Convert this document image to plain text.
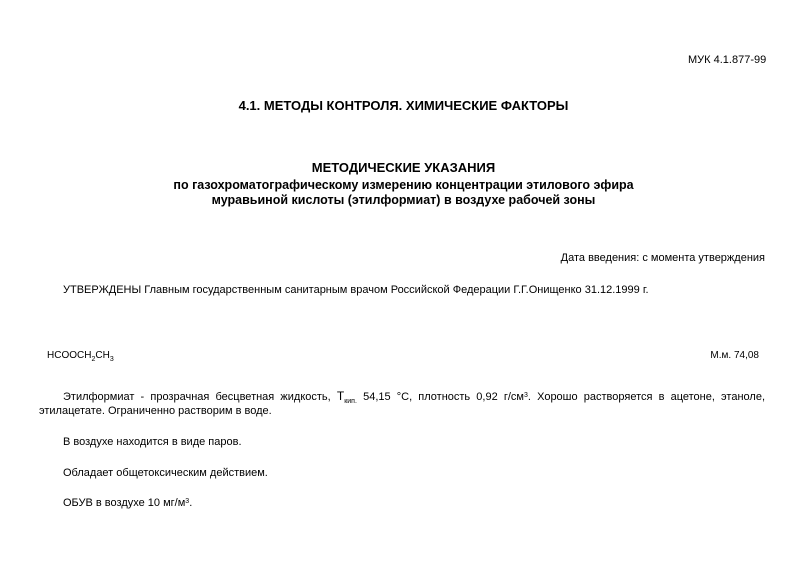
МУК 4.1.877-99
4.1. МЕТОДЫ КОНТРОЛЯ. ХИМИЧЕСКИЕ ФАКТОРЫ
МЕТОДИЧЕСКИЕ УКАЗАНИЯ
по газохроматографическому измерению концентрации этилового эфира
муравьиной кислоты (этилформиат) в воздухе рабочей зоны
Дата введения: с момента утверждения
УТВЕРЖДЕНЫ Главным государственным санитарным врачом Российской Федерации Г.Г.Онищенко 31.12.1999 г.
$HCOOCH_2CH_3$	М.м. 74,08
Этилформиат - прозрачная бесцветная жидкость, $T_{кип.}$ 54,15 °С, плотность 0,92 $г/см^3$. Хорошо растворяется в ацетоне, этаноле,
этилацетате. Ограниченно растворим в воде.
В воздухе находится в виде паров.
Обладает общетоксическим действием.
ОБУВ в воздухе 10 $мг/м^3$.
